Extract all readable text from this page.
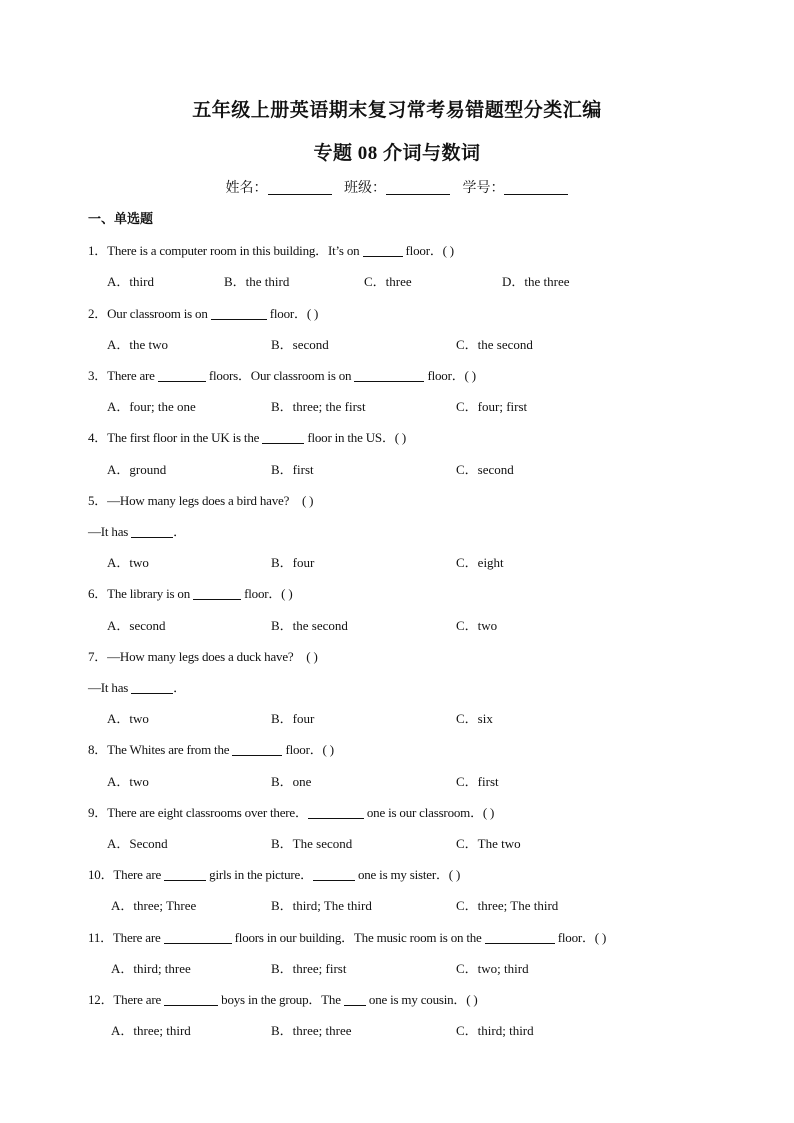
五年级上册英语期末复习常考易错题型分类汇编
专题 08 介词与数词
姓名：	班级：	学号：
一、单选题
1．There is a computer room in this building．It’s on	floor．( )
A．third	B．the third	C．three	D．the three
2．Our classroom is on	floor．( )
A．the two	B．second	C．the second
3．There are	floors．Our classroom is on	floor．( )
A．four; the one	B．three; the first	C．four; first
4．The first floor in the UK is the	floor in the US．( )
A．ground	B．first	C．second
5．—How many legs does a bird have?　( )
—It has	．
A．two	B．four	C．eight
6．The library is on	floor．( )
A．second	B．the second	C．two
7．—How many legs does a duck have?　( )
—It has	．
A．two	B．four	C．six
8．The Whites are from the	floor．( )
A．two	B．one	C．first
9．There are eight classrooms over there．	one is our classroom．( )
A．Second	B．The second	C．The two
10．There are	girls in the picture．	one is my sister．( )
A．three; Three	B．third; The third	C．three; The third
11．There are	floors in our building．The music room is on the	floor．( )
A．third; three	B．three; first	C．two; third
12．There are	boys in the group．The  one is my cousin．( )
A．three; third	B．three; three	C．third; third
